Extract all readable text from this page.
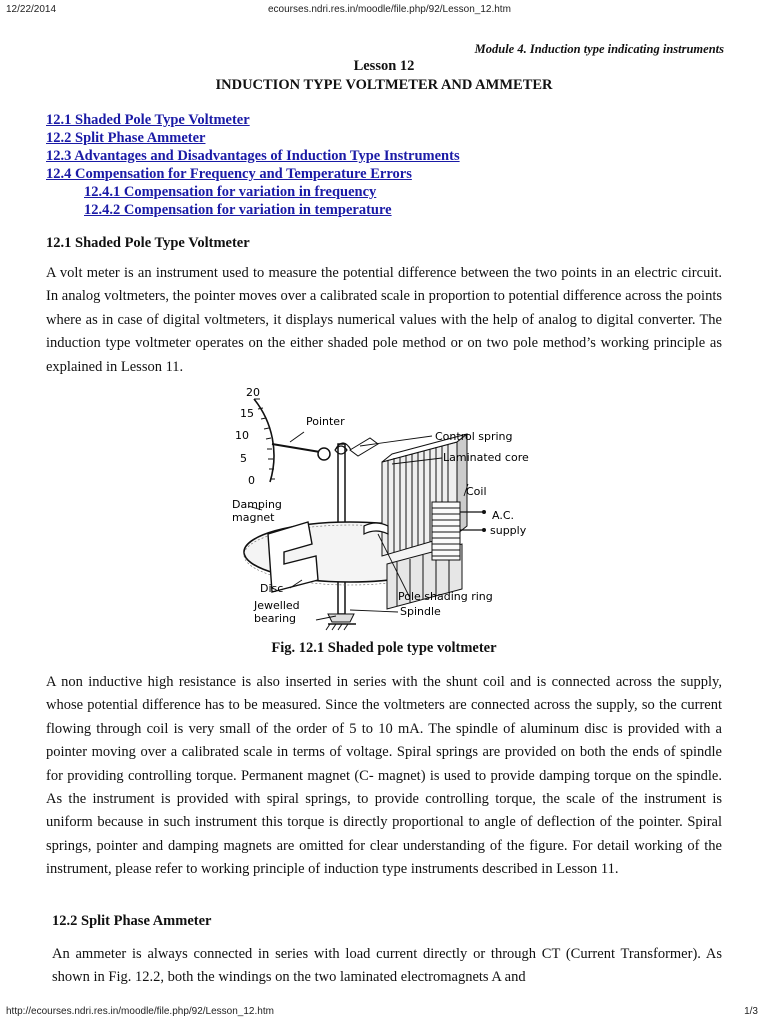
12/22/2014	ecourses.ndri.res.in/moodle/file.php/92/Lesson_12.htm
Module 4. Induction type indicating instruments
Lesson 12
INDUCTION TYPE VOLTMETER AND AMMETER
12.1 Shaded Pole Type Voltmeter
12.2 Split Phase Ammeter
12.3 Advantages and Disadvantages of Induction Type Instruments
12.4 Compensation for Frequency and Temperature Errors
12.4.1 Compensation for variation in frequency
12.4.2 Compensation for variation in temperature
12.1 Shaded Pole Type Voltmeter
A volt meter is an instrument used to measure the potential difference between the two points in an electric circuit. In analog voltmeters, the pointer moves over a calibrated scale in proportion to potential difference across the points where as in case of digital voltmeters, it displays numerical values with the help of analog to digital converter. The induction type voltmeter operates on the either shaded pole method or on two pole method’s working principle as explained in Lesson 11.
20
15
10
5
0
Pointer
Control spring
Laminated core
Coil
A.C.
supply
Damping
magnet
Disc
Jewelled
bearing
Pole shading ring
Spindle
Fig. 12.1 Shaded pole type voltmeter
A non inductive high resistance is also inserted in series with the shunt coil and is connected across the supply, whose potential difference has to be measured. Since the voltmeters are connected across the supply, so the current flowing through coil is very small of the order of 5 to 10 mA. The spindle of aluminum disc is provided with a pointer moving over a calibrated scale in terms of voltage. Spiral springs are provided on both the ends of spindle for providing controlling torque. Permanent magnet (C- magnet) is used to provide damping torque on the spindle. As the instrument is provided with spiral springs, to provide controlling torque, the scale of the instrument is uniform because in such instrument this torque is directly proportional to angle of deflection of the pointer. Spiral springs, pointer and damping magnets are omitted for clear understanding of the figure. For detail working of the instrument, please refer to working principle of induction type instruments described in Lesson 11.
12.2 Split Phase Ammeter
An ammeter is always connected in series with load current directly or through CT (Current Transformer). As shown in Fig. 12.2, both the windings on the two laminated electromagnets A and
http://ecourses.ndri.res.in/moodle/file.php/92/Lesson_12.htm	1/3
